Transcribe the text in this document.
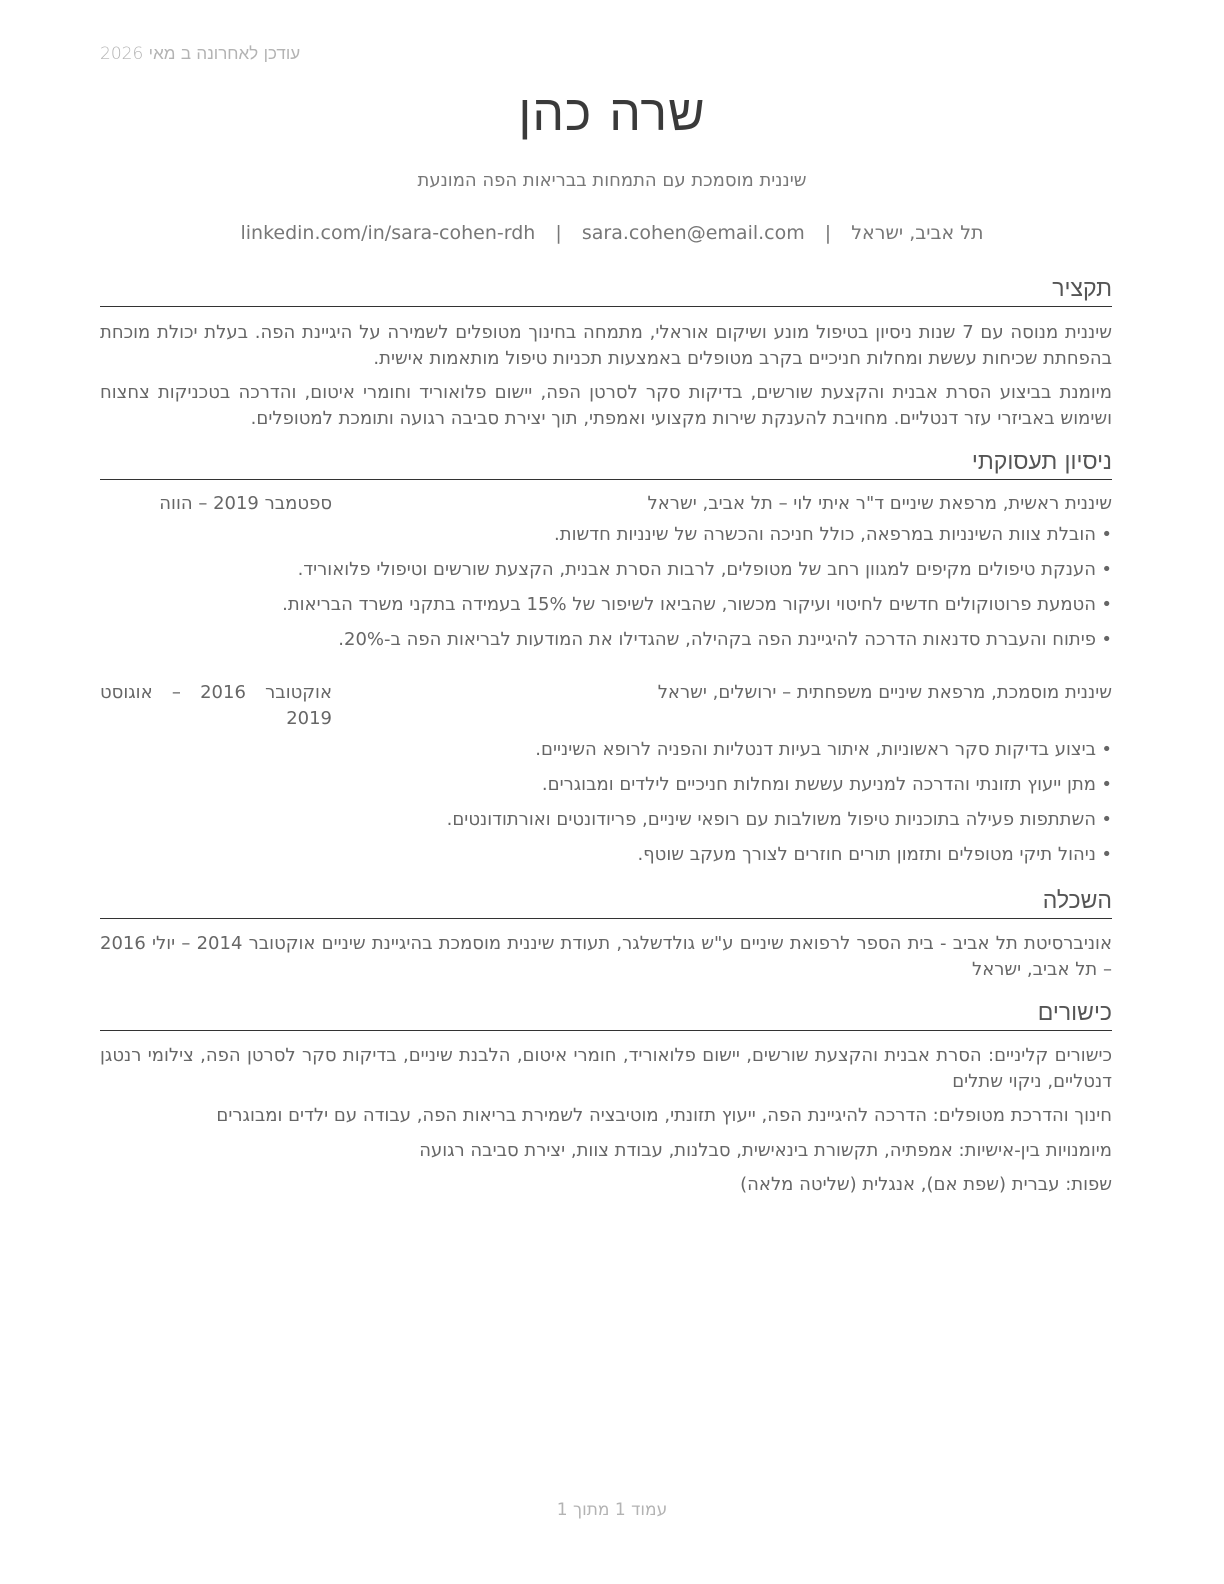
עודכן לאחרונה ב מאי 2026
שרה כהן
שיננית מוסמכת עם התמחות בבריאות הפה המונעת
תל אביב, ישראל | sara.cohen@email.com | linkedin.com/in/sara-cohen-rdh
תקציר
שיננית מנוסה עם 7 שנות ניסיון בטיפול מונע ושיקום אוראלי, מתמחה בחינוך מטופלים לשמירה על היגיינת הפה. בעלת יכולת מוכחת בהפחתת שכיחות עששת ומחלות חניכיים בקרב מטופלים באמצעות תכניות טיפול מותאמות אישית.
מיומנת בביצוע הסרת אבנית והקצעת שורשים, בדיקות סקר לסרטן הפה, יישום פלואוריד וחומרי איטום, והדרכה בטכניקות צחצוח ושימוש באביזרי עזר דנטליים. מחויבת להענקת שירות מקצועי ואמפתי, תוך יצירת סביבה רגועה ותומכת למטופלים.
ניסיון תעסוקתי
שיננית ראשית, מרפאת שיניים ד"ר איתי לוי – תל אביב, ישראל
ספטמבר 2019 – הווה
• הובלת צוות השינניות במרפאה, כולל חניכה והכשרה של שינניות חדשות.
• הענקת טיפולים מקיפים למגוון רחב של מטופלים, לרבות הסרת אבנית, הקצעת שורשים וטיפולי פלואוריד.
• הטמעת פרוטוקולים חדשים לחיטוי ועיקור מכשור, שהביאו לשיפור של 15% בעמידה בתקני משרד הבריאות.
• פיתוח והעברת סדנאות הדרכה להיגיינת הפה בקהילה, שהגדילו את המודעות לבריאות הפה ב-20%.
שיננית מוסמכת, מרפאת שיניים משפחתית – ירושלים, ישראל
אוקטובר 2016 – אוגוסט 2019
• ביצוע בדיקות סקר ראשוניות, איתור בעיות דנטליות והפניה לרופא השיניים.
• מתן ייעוץ תזונתי והדרכה למניעת עששת ומחלות חניכיים לילדים ומבוגרים.
• השתתפות פעילה בתוכניות טיפול משולבות עם רופאי שיניים, פריודונטים ואורתודונטים.
• ניהול תיקי מטופלים ותזמון תורים חוזרים לצורך מעקב שוטף.
השכלה
אוניברסיטת תל אביב - בית הספר לרפואת שיניים ע"ש גולדשלגר, תעודת שיננית מוסמכת בהיגיינת שיניים אוקטובר 2014 – יולי 2016 – תל אביב, ישראל
כישורים
כישורים קליניים: הסרת אבנית והקצעת שורשים, יישום פלואוריד, חומרי איטום, הלבנת שיניים, בדיקות סקר לסרטן הפה, צילומי רנטגן דנטליים, ניקוי שתלים
חינוך והדרכת מטופלים: הדרכה להיגיינת הפה, ייעוץ תזונתי, מוטיבציה לשמירת בריאות הפה, עבודה עם ילדים ומבוגרים
מיומנויות בין-אישיות: אמפתיה, תקשורת בינאישית, סבלנות, עבודת צוות, יצירת סביבה רגועה
שפות: עברית (שפת אם), אנגלית (שליטה מלאה)
עמוד 1 מתוך 1
